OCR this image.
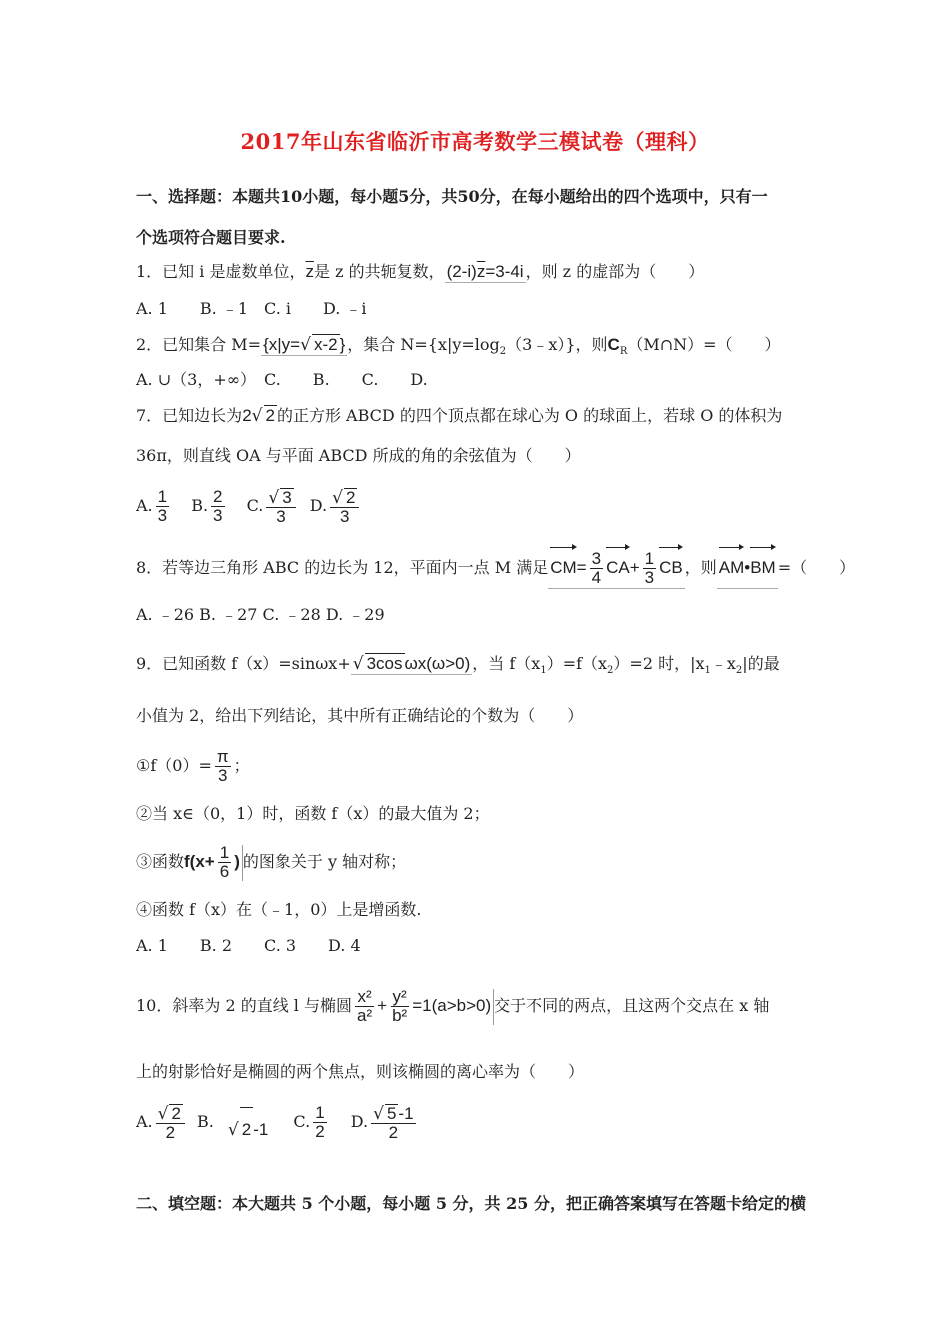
2017年山东省临沂市高考数学三模试卷（理科）
一、选择题：本题共10小题，每小题5分，共50分，在每小题给出的四个选项中，只有一
个选项符合题目要求.
1．已知 i 是虚数单位，$\overline{z}$是 z 的共轭复数， $(2-i)\overline{z}=3-4i$ ，则 z 的虚部为（　　）
A. 1　　B. ﹣1　C. i　　D. ﹣i
2．已知集合 M= {x|y=√ x-2 } ，集合 $N=\{x|y=\log_2(3﹣x)\}$，则$C_R(M\cap N)=$（　　）
A. ∪（3，+∞）　C.　　B.　　C.　　D.
7．已知边长为2√ 2 的正方形 ABCD 的四个顶点都在球心为 O 的球面上，若球 O 的体积为
36π，则直线 OA 与平面 ABCD 所成的角的余弦值为（　　）
A. $\frac{1}{3} B$. $\frac{2}{3} C$. $\frac{√ 3}{3} D$. $\frac{√ 2}{3}$
8．若等边三角形 ABC 的边长为 12，平面内一点 M 满足 $CM= \frac{3}{4} CA+ \frac{1}{3}$ CB ，则 AM•BM =（　　）
A. ﹣26 B. ﹣27 C. ﹣28 D. ﹣29
9．已知函数 f（x）=sinωx+ √ 3cos ωx(ω>0) ，当 $f(x_1)=f(x_2)=2$ 时，$|x_1﹣x_2|$的最
小值为 2，给出下列结论，其中所有正确结论的个数为（　　）
①f（0）= $\frac{\pi}{3}$ ；
②当 x∈（0，1）时，函数 f（x）的最大值为 2；
③函数$f(x+ \frac{1}{6}$ ) 的图象关于 y 轴对称；
④函数 f（x）在（﹣1，0）上是增函数.
A. 1　　B. 2　　C. 3　　D. 4
10．斜率为 2 的直线 l 与椭圆 $\frac{\text{x²}}{\text{a²}} + \frac{\text{y²}}{\text{b²}} =1(a>b>0)$ 交于不同的两点，且这两个交点在 x 轴
上的射影恰好是椭圆的两个焦点，则该椭圆的离心率为（　　）
A. $\frac{√ 2}{2} B$. √ 2 -1 C. $\frac{1}{2} D$. $\frac{√ 5 -1}{2}$
二、填空题：本大题共 5 个小题，每小题 5 分，共 25 分，把正确答案填写在答题卡给定的横
